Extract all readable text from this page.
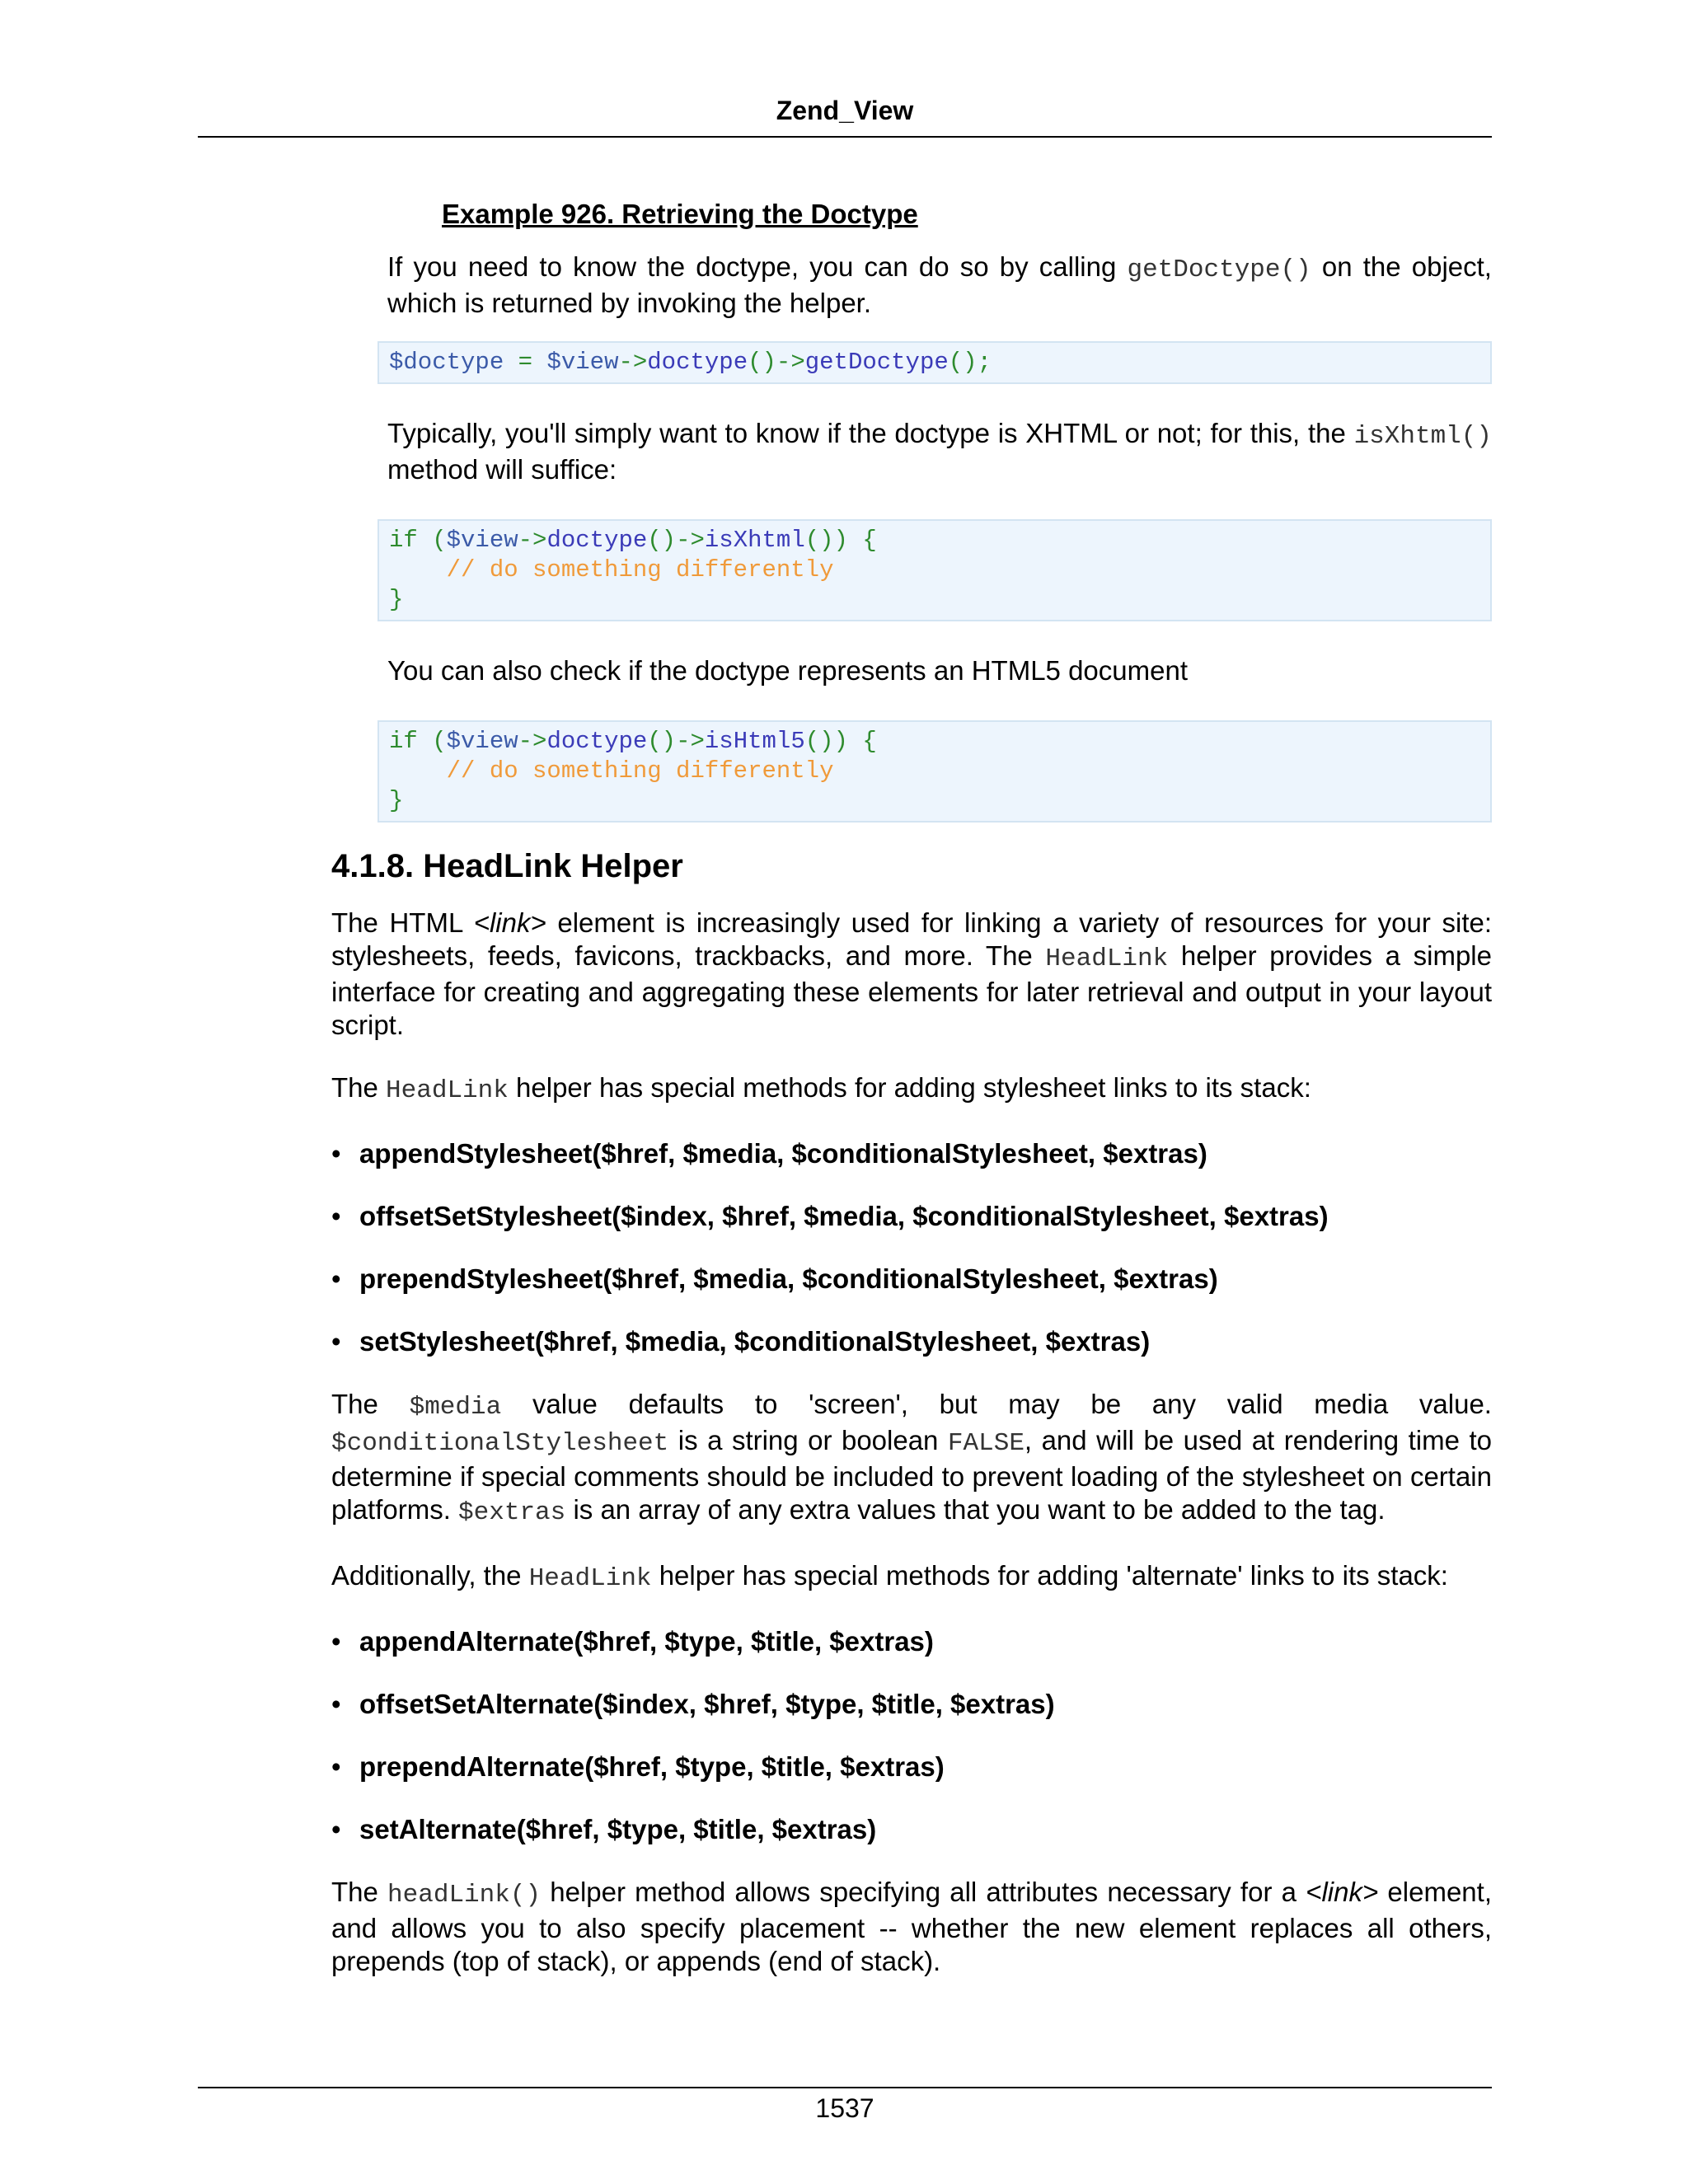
Zend_View
Example 926. Retrieving the Doctype

If you need to know the doctype, you can do so by calling getDoctype() on the object, which is returned by invoking the helper.

$doctype = $view->doctype()->getDoctype();

Typically, you'll simply want to know if the doctype is XHTML or not; for this, the isXhtml() method will suffice:

if ($view->doctype()->isXhtml()) {
// do something differently
}

You can also check if the doctype represents an HTML5 document

if ($view->doctype()->isHtml5()) {
// do something differently
}
4.1.8. HeadLink Helper

The HTML <link> element is increasingly used for linking a variety of resources for your site: stylesheets, feeds, favicons, trackbacks, and more. The HeadLink helper provides a simple interface for creating and aggregating these elements for later retrieval and output in your layout script.

The HeadLink helper has special methods for adding stylesheet links to its stack:

• appendStylesheet($href, $media, $conditionalStylesheet, $extras)
• offsetSetStylesheet($index, $href, $media, $conditionalStylesheet, $extras)
• prependStylesheet($href, $media, $conditionalStylesheet, $extras)
• setStylesheet($href, $media, $conditionalStylesheet, $extras)

The $media value defaults to 'screen', but may be any valid media value. $conditionalStylesheet is a string or boolean FALSE, and will be used at rendering time to determine if special comments should be included to prevent loading of the stylesheet on certain platforms. $extras is an array of any extra values that you want to be added to the tag.

Additionally, the HeadLink helper has special methods for adding 'alternate' links to its stack:

• appendAlternate($href, $type, $title, $extras)
• offsetSetAlternate($index, $href, $type, $title, $extras)
• prependAlternate($href, $type, $title, $extras)
• setAlternate($href, $type, $title, $extras)

The headLink() helper method allows specifying all attributes necessary for a <link> element, and allows you to also specify placement -- whether the new element replaces all others, prepends (top of stack), or appends (end of stack).

1537
